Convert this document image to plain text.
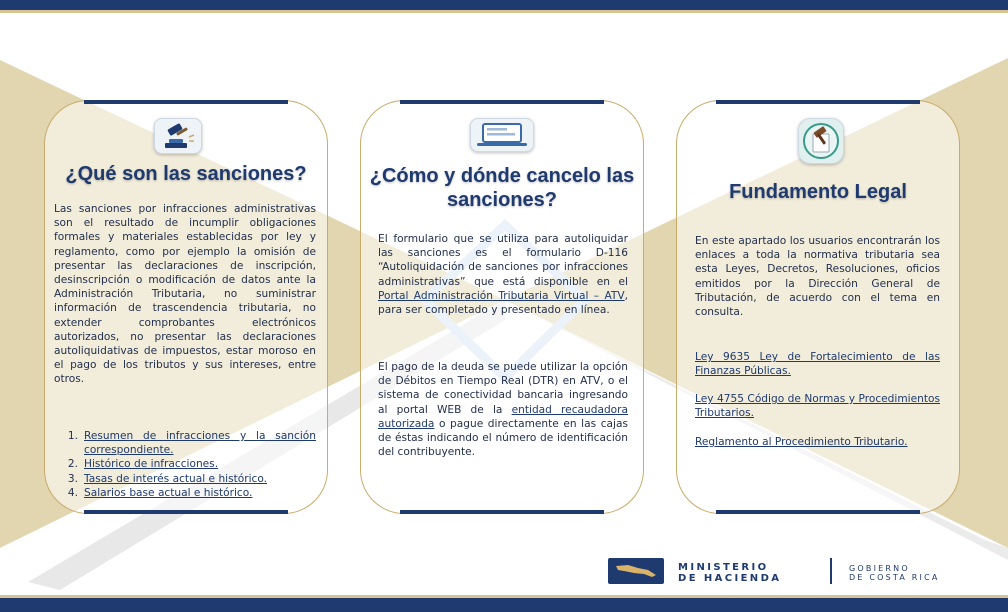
¿Qué son las sanciones?
Las sanciones por infracciones administrativas son el resultado de incumplir obligaciones formales y materiales establecidas por ley y reglamento, como por ejemplo la omisión de presentar las declaraciones de inscripción, desinscripción o modificación de datos ante la Administración Tributaria, no suministrar información de trascendencia tributaria, no extender comprobantes electrónicos autorizados, no presentar las declaraciones autoliquidativas de impuestos, estar moroso en el pago de los tributos y sus intereses, entre otros.
1. Resumen de infracciones y la sanción correspondiente.
2. Histórico de infracciones.
3. Tasas de interés actual e histórico.
4. Salarios base actual e histórico.
¿Cómo y dónde cancelo las sanciones?
El formulario que se utiliza para autoliquidar las sanciones es el formulario D-116 “Autoliquidación de sanciones por infracciones administrativas” que está disponible en el Portal Administración Tributaria Virtual – ATV, para ser completado y presentado en línea.
El pago de la deuda se puede utilizar la opción de Débitos en Tiempo Real (DTR) en ATV, o el sistema de conectividad bancaria ingresando al portal WEB de la entidad recaudadora autorizada o pague directamente en las cajas de éstas indicando el número de identificación del contribuyente.
Fundamento Legal
En este apartado los usuarios encontrarán los enlaces a toda la normativa tributaria sea esta Leyes, Decretos, Resoluciones, oficios emitidos por la Dirección General de Tributación, de acuerdo con el tema en consulta.
Ley 9635 Ley de Fortalecimiento de las Finanzas Públicas.
Ley 4755 Código de Normas y Procedimientos Tributarios.
Reglamento al Procedimiento Tributario.
MINISTERIO
DE HACIENDA
GOBIERNO
DE COSTA RICA
